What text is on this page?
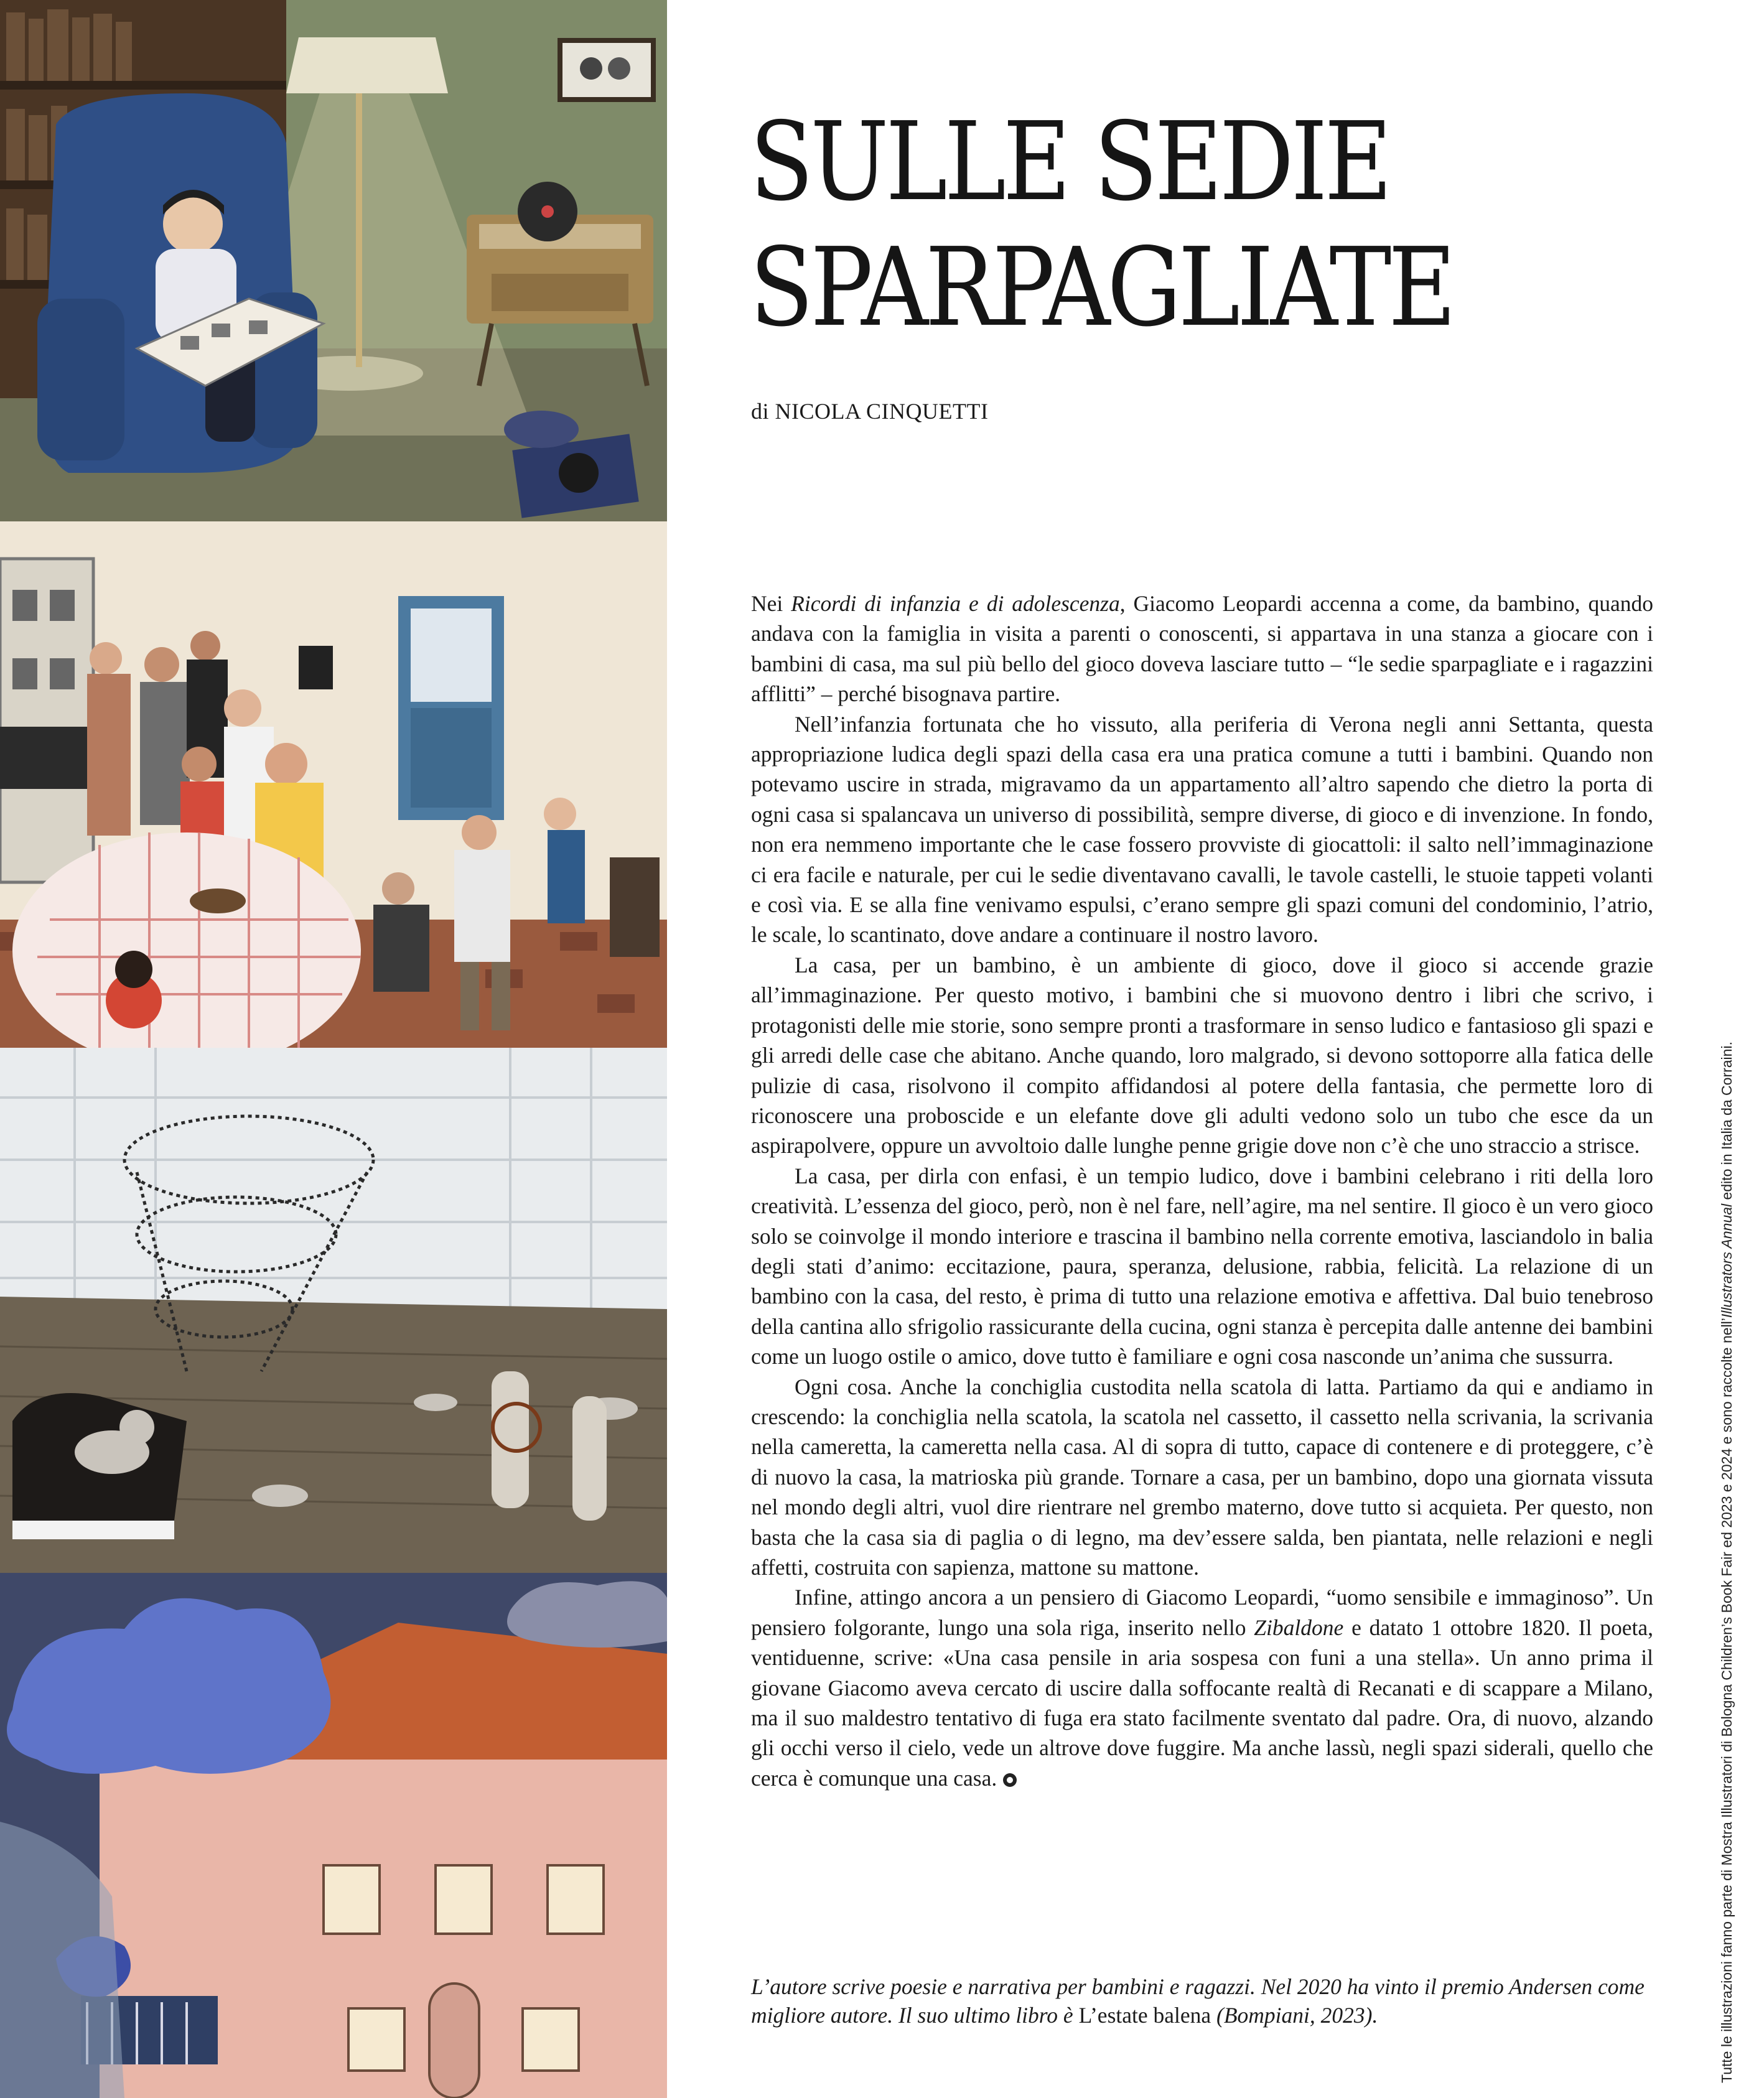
SULLE SEDIE
SPARPAGLIATE
di NICOLA CINQUETTI

Nei Ricordi di infanzia e di adolescenza, Giacomo Leopardi accenna a come, da bambino, quando andava con la famiglia in visita a parenti o conoscenti, si appartava in una stanza a giocare con i bambini di casa, ma sul più bello del gioco doveva lasciare tutto – “le sedie sparpagliate e i ragazzini afflitti” – perché bisognava partire.

Nell’infanzia fortunata che ho vissuto, alla periferia di Verona negli anni Settanta, questa appropriazione ludica degli spazi della casa era una pratica comune a tutti i bambini. Quando non potevamo uscire in strada, migravamo da un appartamento all’altro sapendo che dietro la porta di ogni casa si spalancava un universo di possibilità, sempre diverse, di gioco e di invenzione. In fondo, non era nemmeno importante che le case fossero provviste di giocattoli: il salto nell’immaginazione ci era facile e naturale, per cui le sedie diventavano cavalli, le tavole castelli, le stuoie tappeti volanti e così via. E se alla fine venivamo espulsi, c’erano sempre gli spazi comuni del condominio, l’atrio, le scale, lo scantinato, dove andare a continuare il nostro lavoro.

La casa, per un bambino, è un ambiente di gioco, dove il gioco si accende grazie all’immaginazione. Per questo motivo, i bambini che si muovono dentro i libri che scrivo, i protagonisti delle mie storie, sono sempre pronti a trasformare in senso ludico e fantasioso gli spazi e gli arredi delle case che abitano. Anche quando, loro malgrado, si devono sottoporre alla fatica delle pulizie di casa, risolvono il compito affidandosi al potere della fantasia, che permette loro di riconoscere una proboscide e un elefante dove gli adulti vedono solo un tubo che esce da un aspirapolvere, oppure un avvoltoio dalle lunghe penne grigie dove non c’è che uno straccio a strisce.

La casa, per dirla con enfasi, è un tempio ludico, dove i bambini celebrano i riti della loro creatività. L’essenza del gioco, però, non è nel fare, nell’agire, ma nel sentire. Il gioco è un vero gioco solo se coinvolge il mondo interiore e trascina il bambino nella corrente emotiva, lasciandolo in balia degli stati d’animo: eccitazione, paura, speranza, delusione, rabbia, felicità. La relazione di un bambino con la casa, del resto, è prima di tutto una relazione emotiva e affettiva. Dal buio tenebroso della cantina allo sfrigolio rassicurante della cucina, ogni stanza è percepita dalle antenne dei bambini come un luogo ostile o amico, dove tutto è familiare e ogni cosa nasconde un’anima che sussurra.

Ogni cosa. Anche la conchiglia custodita nella scatola di latta. Partiamo da qui e andiamo in crescendo: la conchiglia nella scatola, la scatola nel cassetto, il cassetto nella scrivania, la scrivania nella cameretta, la cameretta nella casa. Al di sopra di tutto, capace di contenere e di proteggere, c’è di nuovo la casa, la matrioska più grande. Tornare a casa, per un bambino, dopo una giornata vissuta nel mondo degli altri, vuol dire rientrare nel grembo materno, dove tutto si acquieta. Per questo, non basta che la casa sia di paglia o di legno, ma dev’essere salda, ben piantata, nelle relazioni e negli affetti, costruita con sapienza, mattone su mattone.

Infine, attingo ancora a un pensiero di Giacomo Leopardi, “uomo sensibile e immaginoso”. Un pensiero folgorante, lungo una sola riga, inserito nello Zibaldone e datato 1 ottobre 1820. Il poeta, ventiduenne, scrive: «Una casa pensile in aria sospesa con funi a una stella». Un anno prima il giovane Giacomo aveva cercato di uscire dalla soffocante realtà di Recanati e di scappare a Milano, ma il suo maldestro tentativo di fuga era stato facilmente sventato dal padre. Ora, di nuovo, alzando gli occhi verso il cielo, vede un altrove dove fuggire. Ma anche lassù, negli spazi siderali, quello che cerca è comunque una casa.

L’autore scrive poesie e narrativa per bambini e ragazzi. Nel 2020 ha vinto il premio Andersen come migliore autore. Il suo ultimo libro è L’estate balena (Bompiani, 2023).	Tutte le illustrazioni fanno parte di Mostra Illustratori di Bologna Children’s Book Fair ed 2023 e 2024 e sono raccolte nell’Illustrators Annual edito in Italia da Corraini.
